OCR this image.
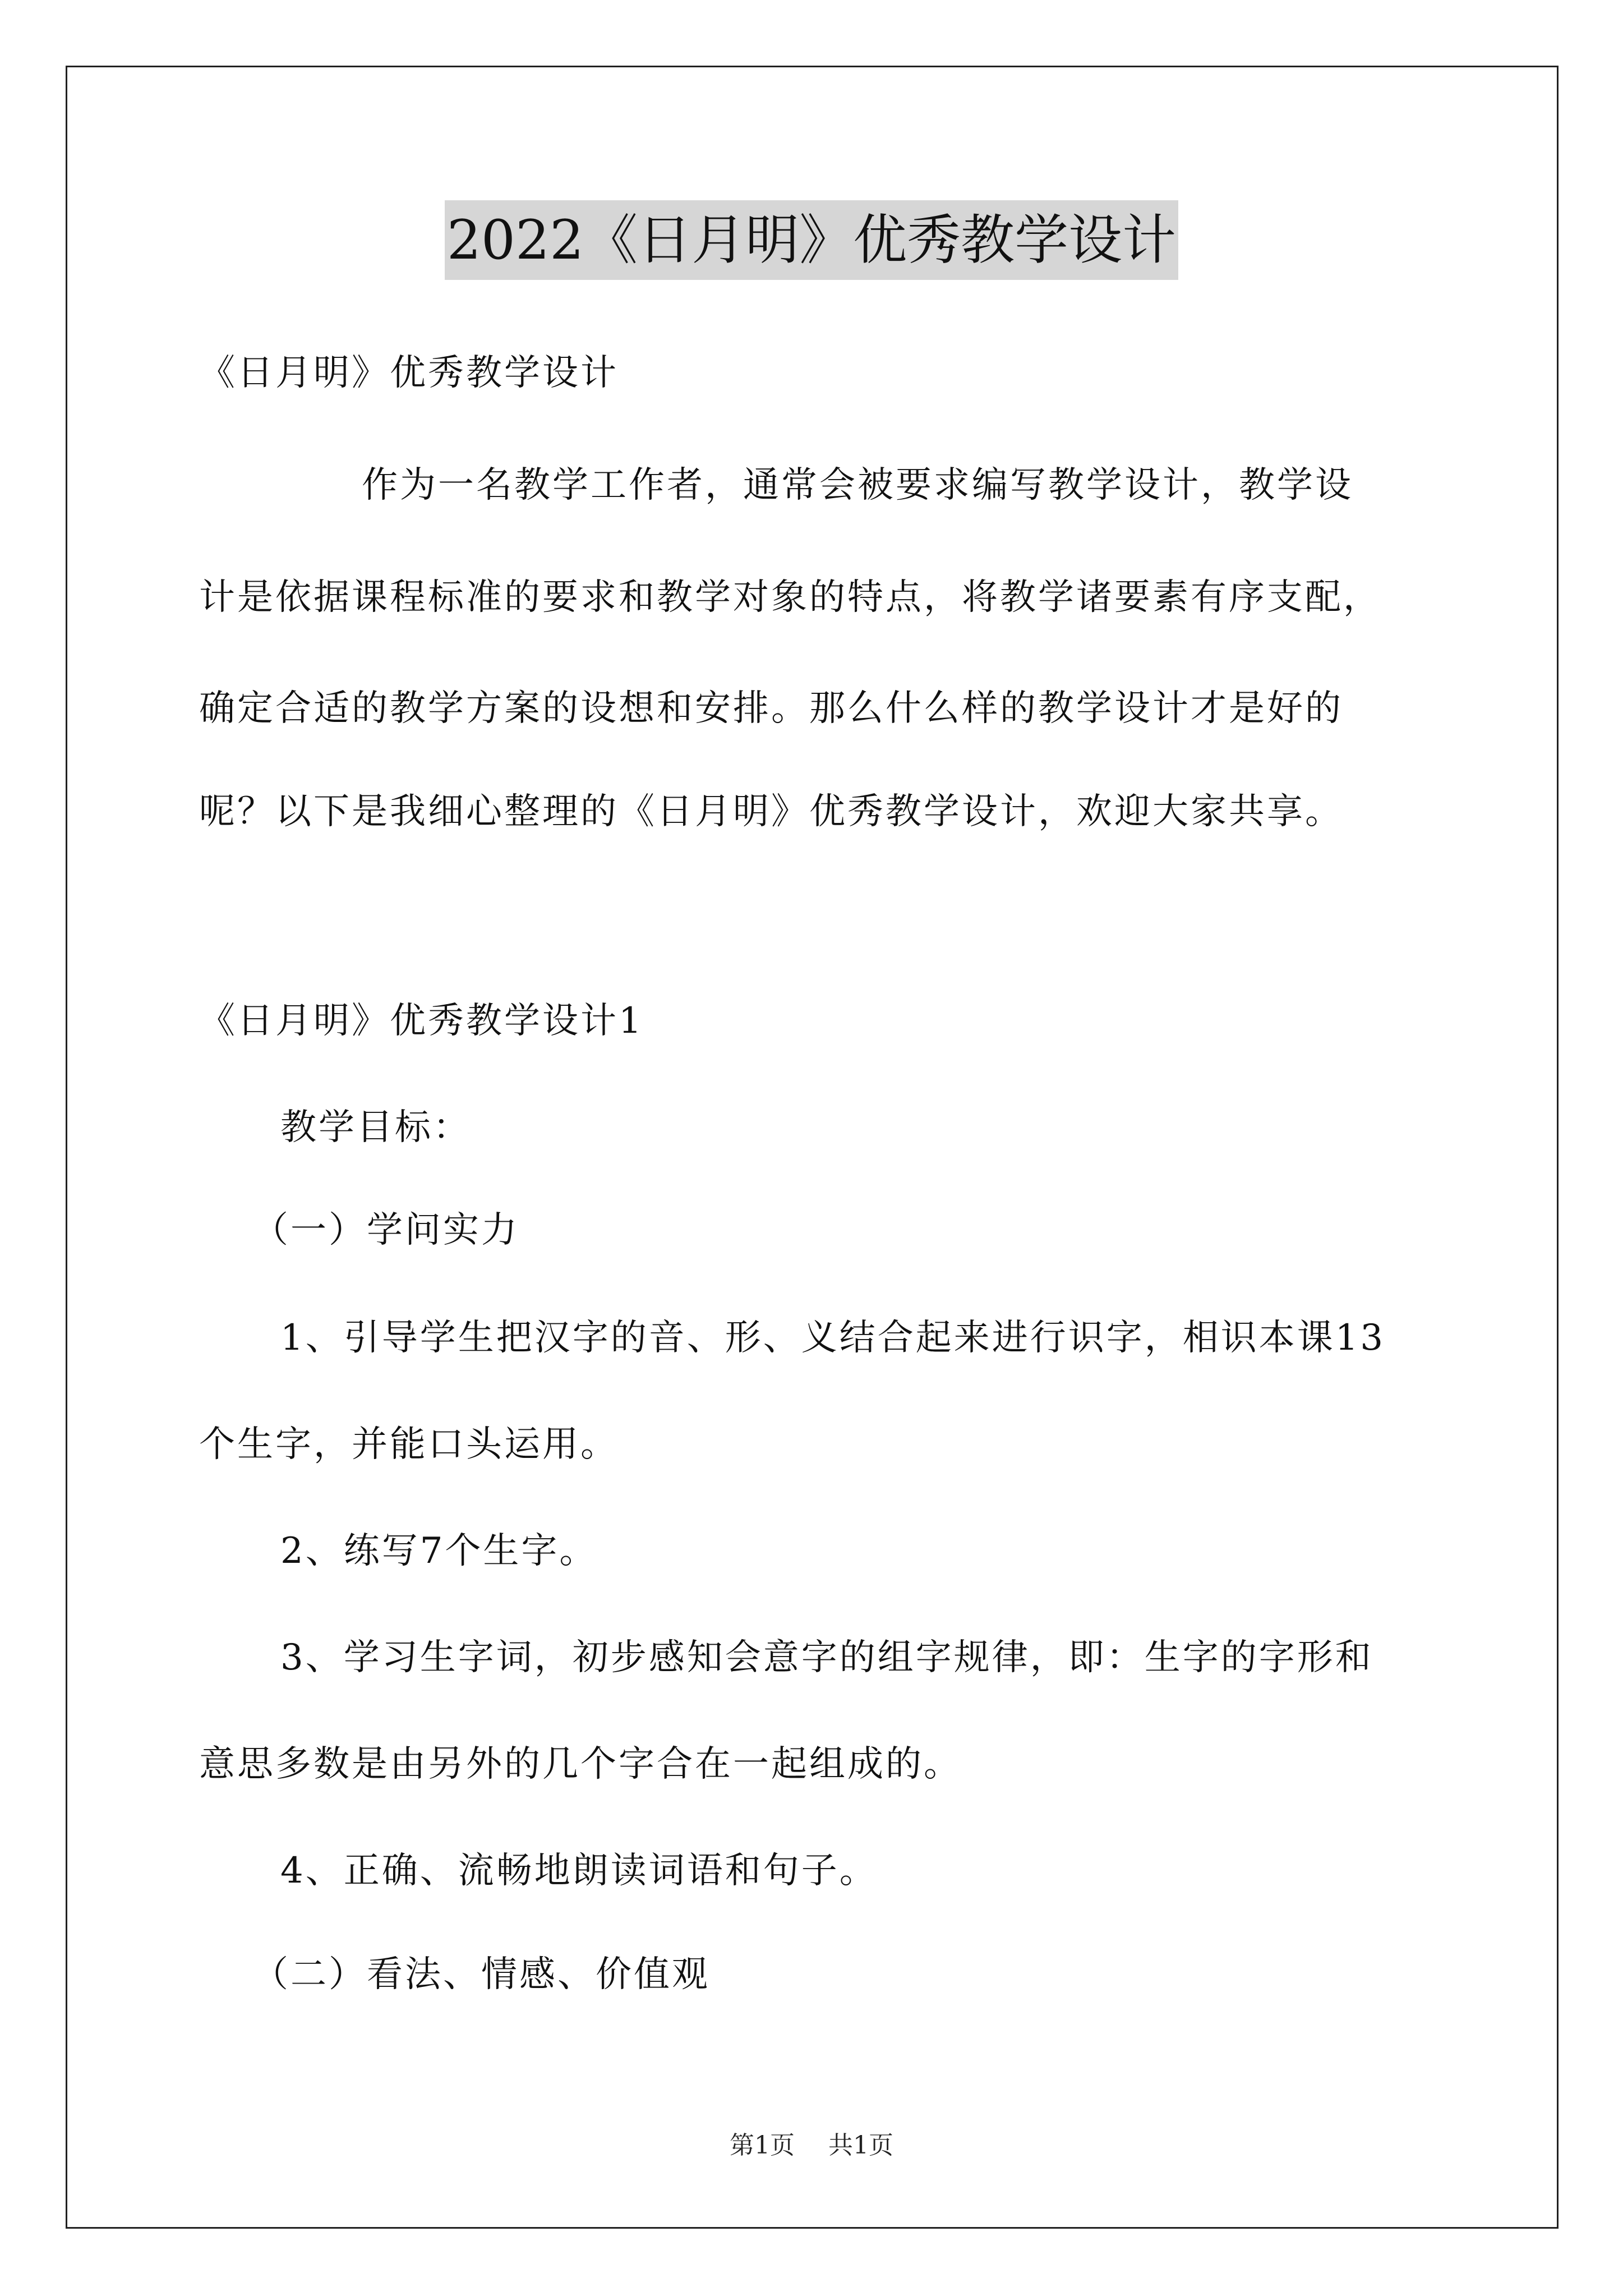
2022《日月明》优秀教学设计
《日月明》优秀教学设计
作为一名教学工作者，通常会被要求编写教学设计，教学设
计是依据课程标准的要求和教学对象的特点，将教学诸要素有序支配，
确定合适的教学方案的设想和安排。那么什么样的教学设计才是好的
呢？以下是我细心整理的《日月明》优秀教学设计，欢迎大家共享。
《日月明》优秀教学设计1
教学目标：
（一）学问实力
1、引导学生把汉字的音、形、义结合起来进行识字，相识本课13
个生字，并能口头运用。
2、练写7个生字。
3、学习生字词，初步感知会意字的组字规律，即：生字的字形和
意思多数是由另外的几个字合在一起组成的。
4、正确、流畅地朗读词语和句子。
（二）看法、情感、价值观
第1页 共1页
